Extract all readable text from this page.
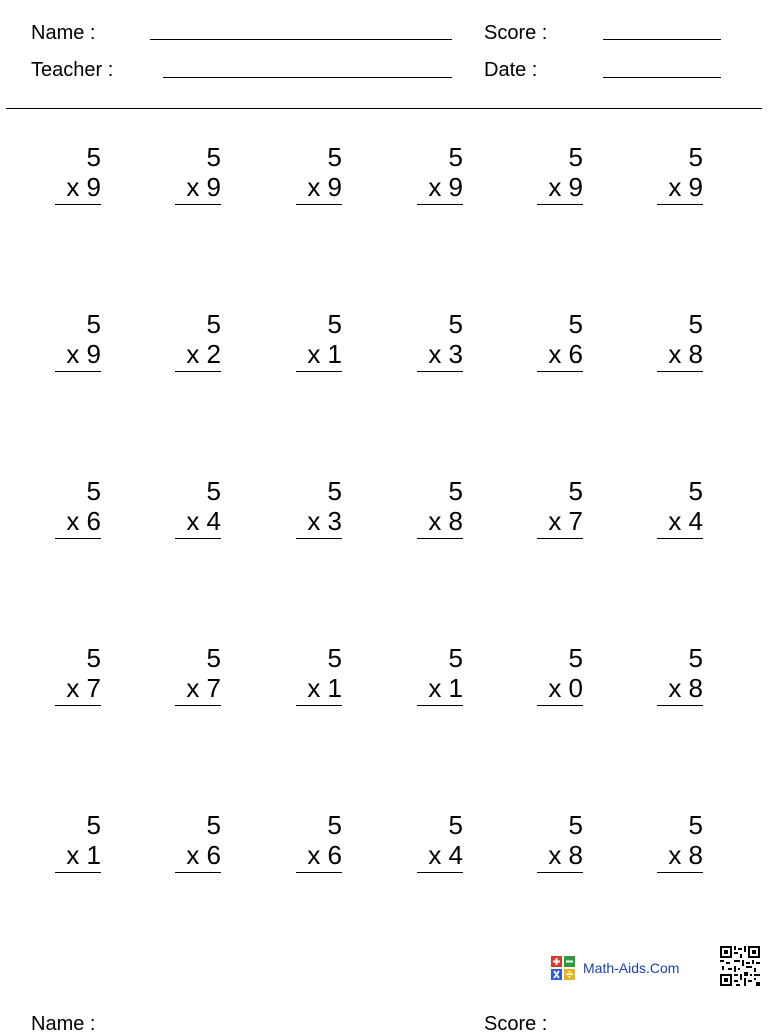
Name :
Teacher :
Score :
Date :
5
x 9
5
x 9
5
x 9
5
x 9
5
x 9
5
x 9
5
x 9
5
x 2
5
x 1
5
x 3
5
x 6
5
x 8
5
x 6
5
x 4
5
x 3
5
x 8
5
x 7
5
x 4
5
x 7
5
x 7
5
x 1
5
x 1
5
x 0
5
x 8
5
x 1
5
x 6
5
x 6
5
x 4
5
x 8
5
x 8
Math-Aids.Com
Name :	Score :
